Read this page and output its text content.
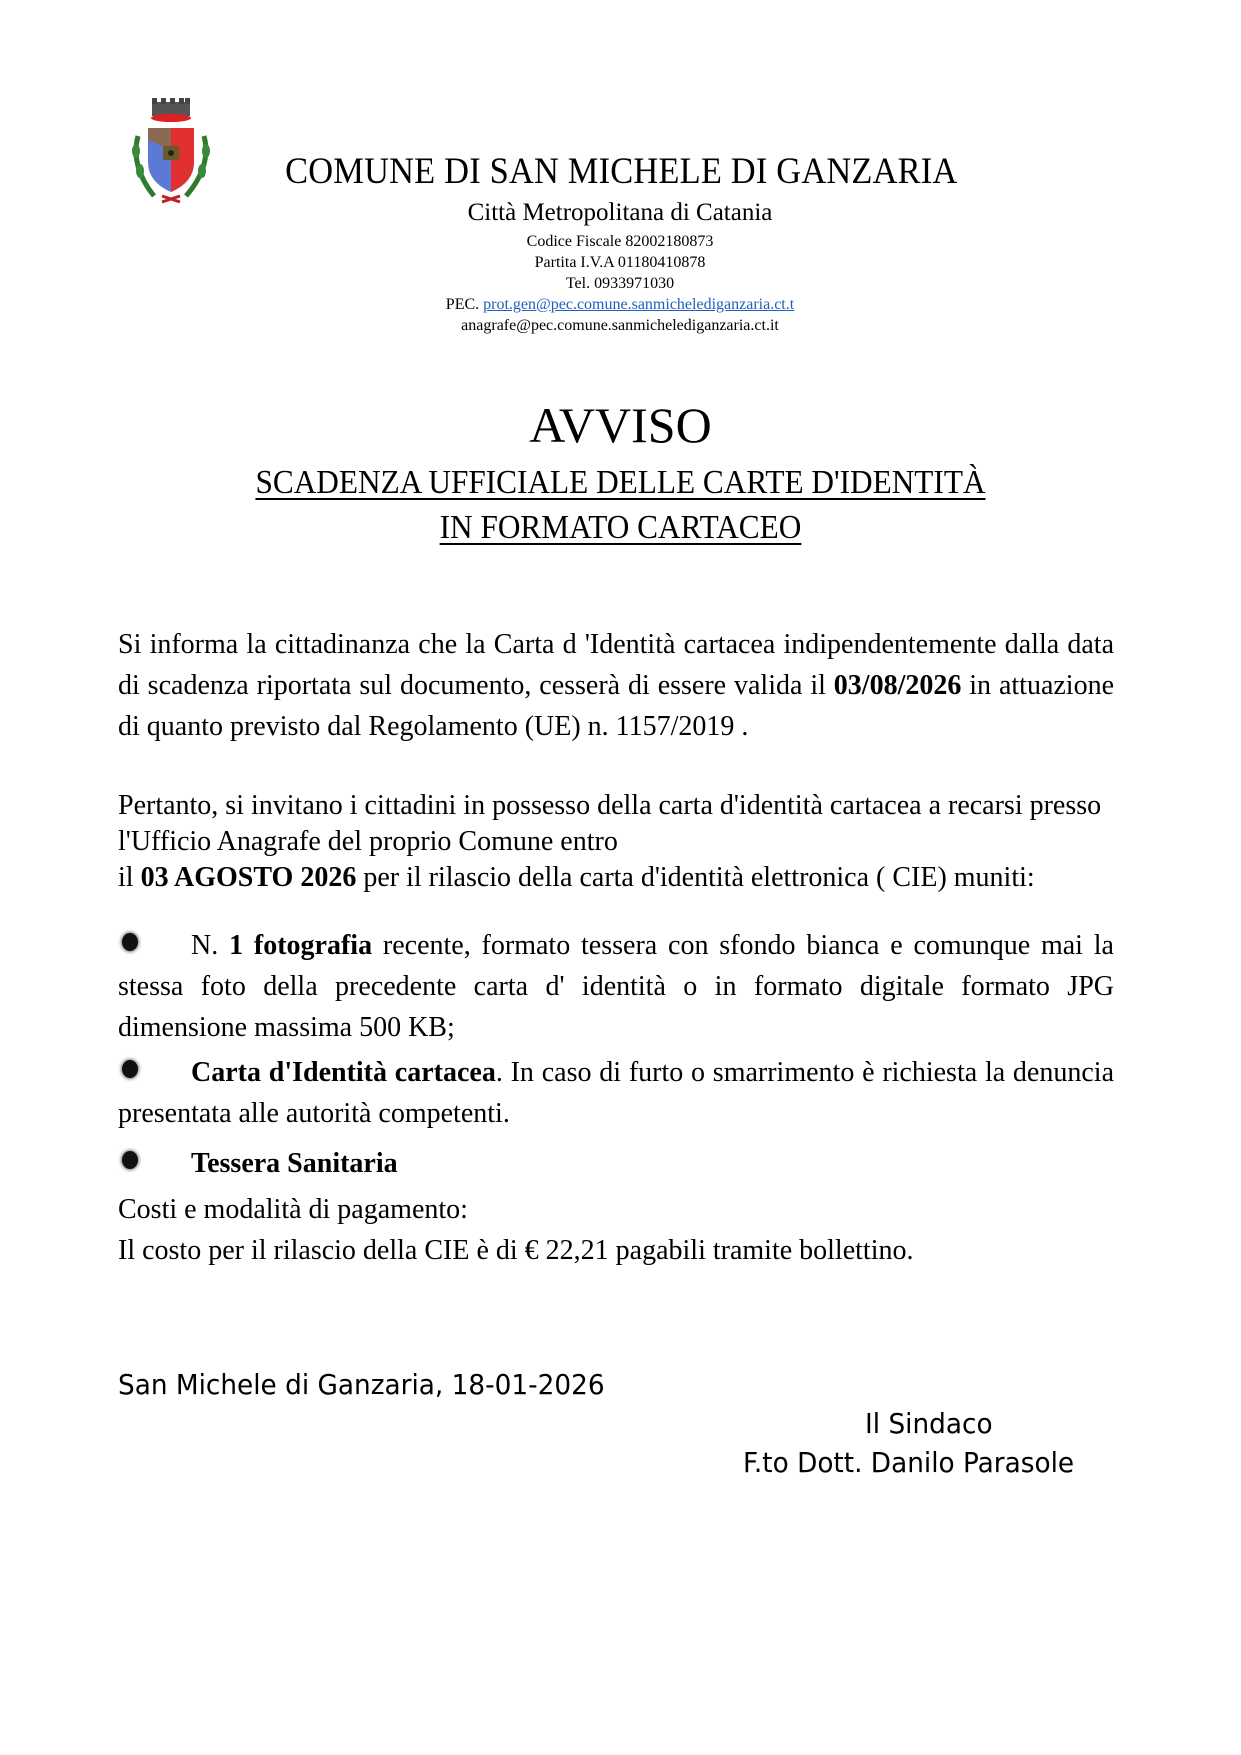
COMUNE DI SAN MICHELE DI GANZARIA
Città Metropolitana di Catania
Codice Fiscale 82002180873
Partita I.V.A 01180410878
Tel. 0933971030
PEC. prot.gen@pec.comune.sanmichelediganzaria.ct.t
anagrafe@pec.comune.sanmichelediganzaria.ct.it
AVVISO
SCADENZA UFFICIALE DELLE CARTE D'IDENTITÀ
IN FORMATO CARTACEO
Si informa la cittadinanza che la Carta d 'Identità cartacea indipendentemente dalla data di scadenza riportata sul documento, cesserà di essere valida il 03/08/2026 in attuazione di quanto previsto dal Regolamento (UE) n. 1157/2019 .
Pertanto, si invitano i cittadini in possesso della carta d'identità cartacea a recarsi presso l'Ufficio Anagrafe del proprio Comune entro
il 03 AGOSTO 2026 per il rilascio della carta d'identità elettronica ( CIE) muniti:
N. 1 fotografia recente, formato tessera con sfondo bianca e comunque mai la stessa foto della precedente carta d' identità o in formato digitale formato JPG dimensione massima 500 KB;
Carta d'Identità cartacea. In caso di furto o smarrimento è richiesta la denuncia presentata alle autorità competenti.
Tessera Sanitaria
Costi e modalità di pagamento:
Il costo per il rilascio della CIE è di € 22,21 pagabili tramite bollettino.
San Michele di Ganzaria, 18-01-2026
Il Sindaco
F.to Dott. Danilo Parasole
